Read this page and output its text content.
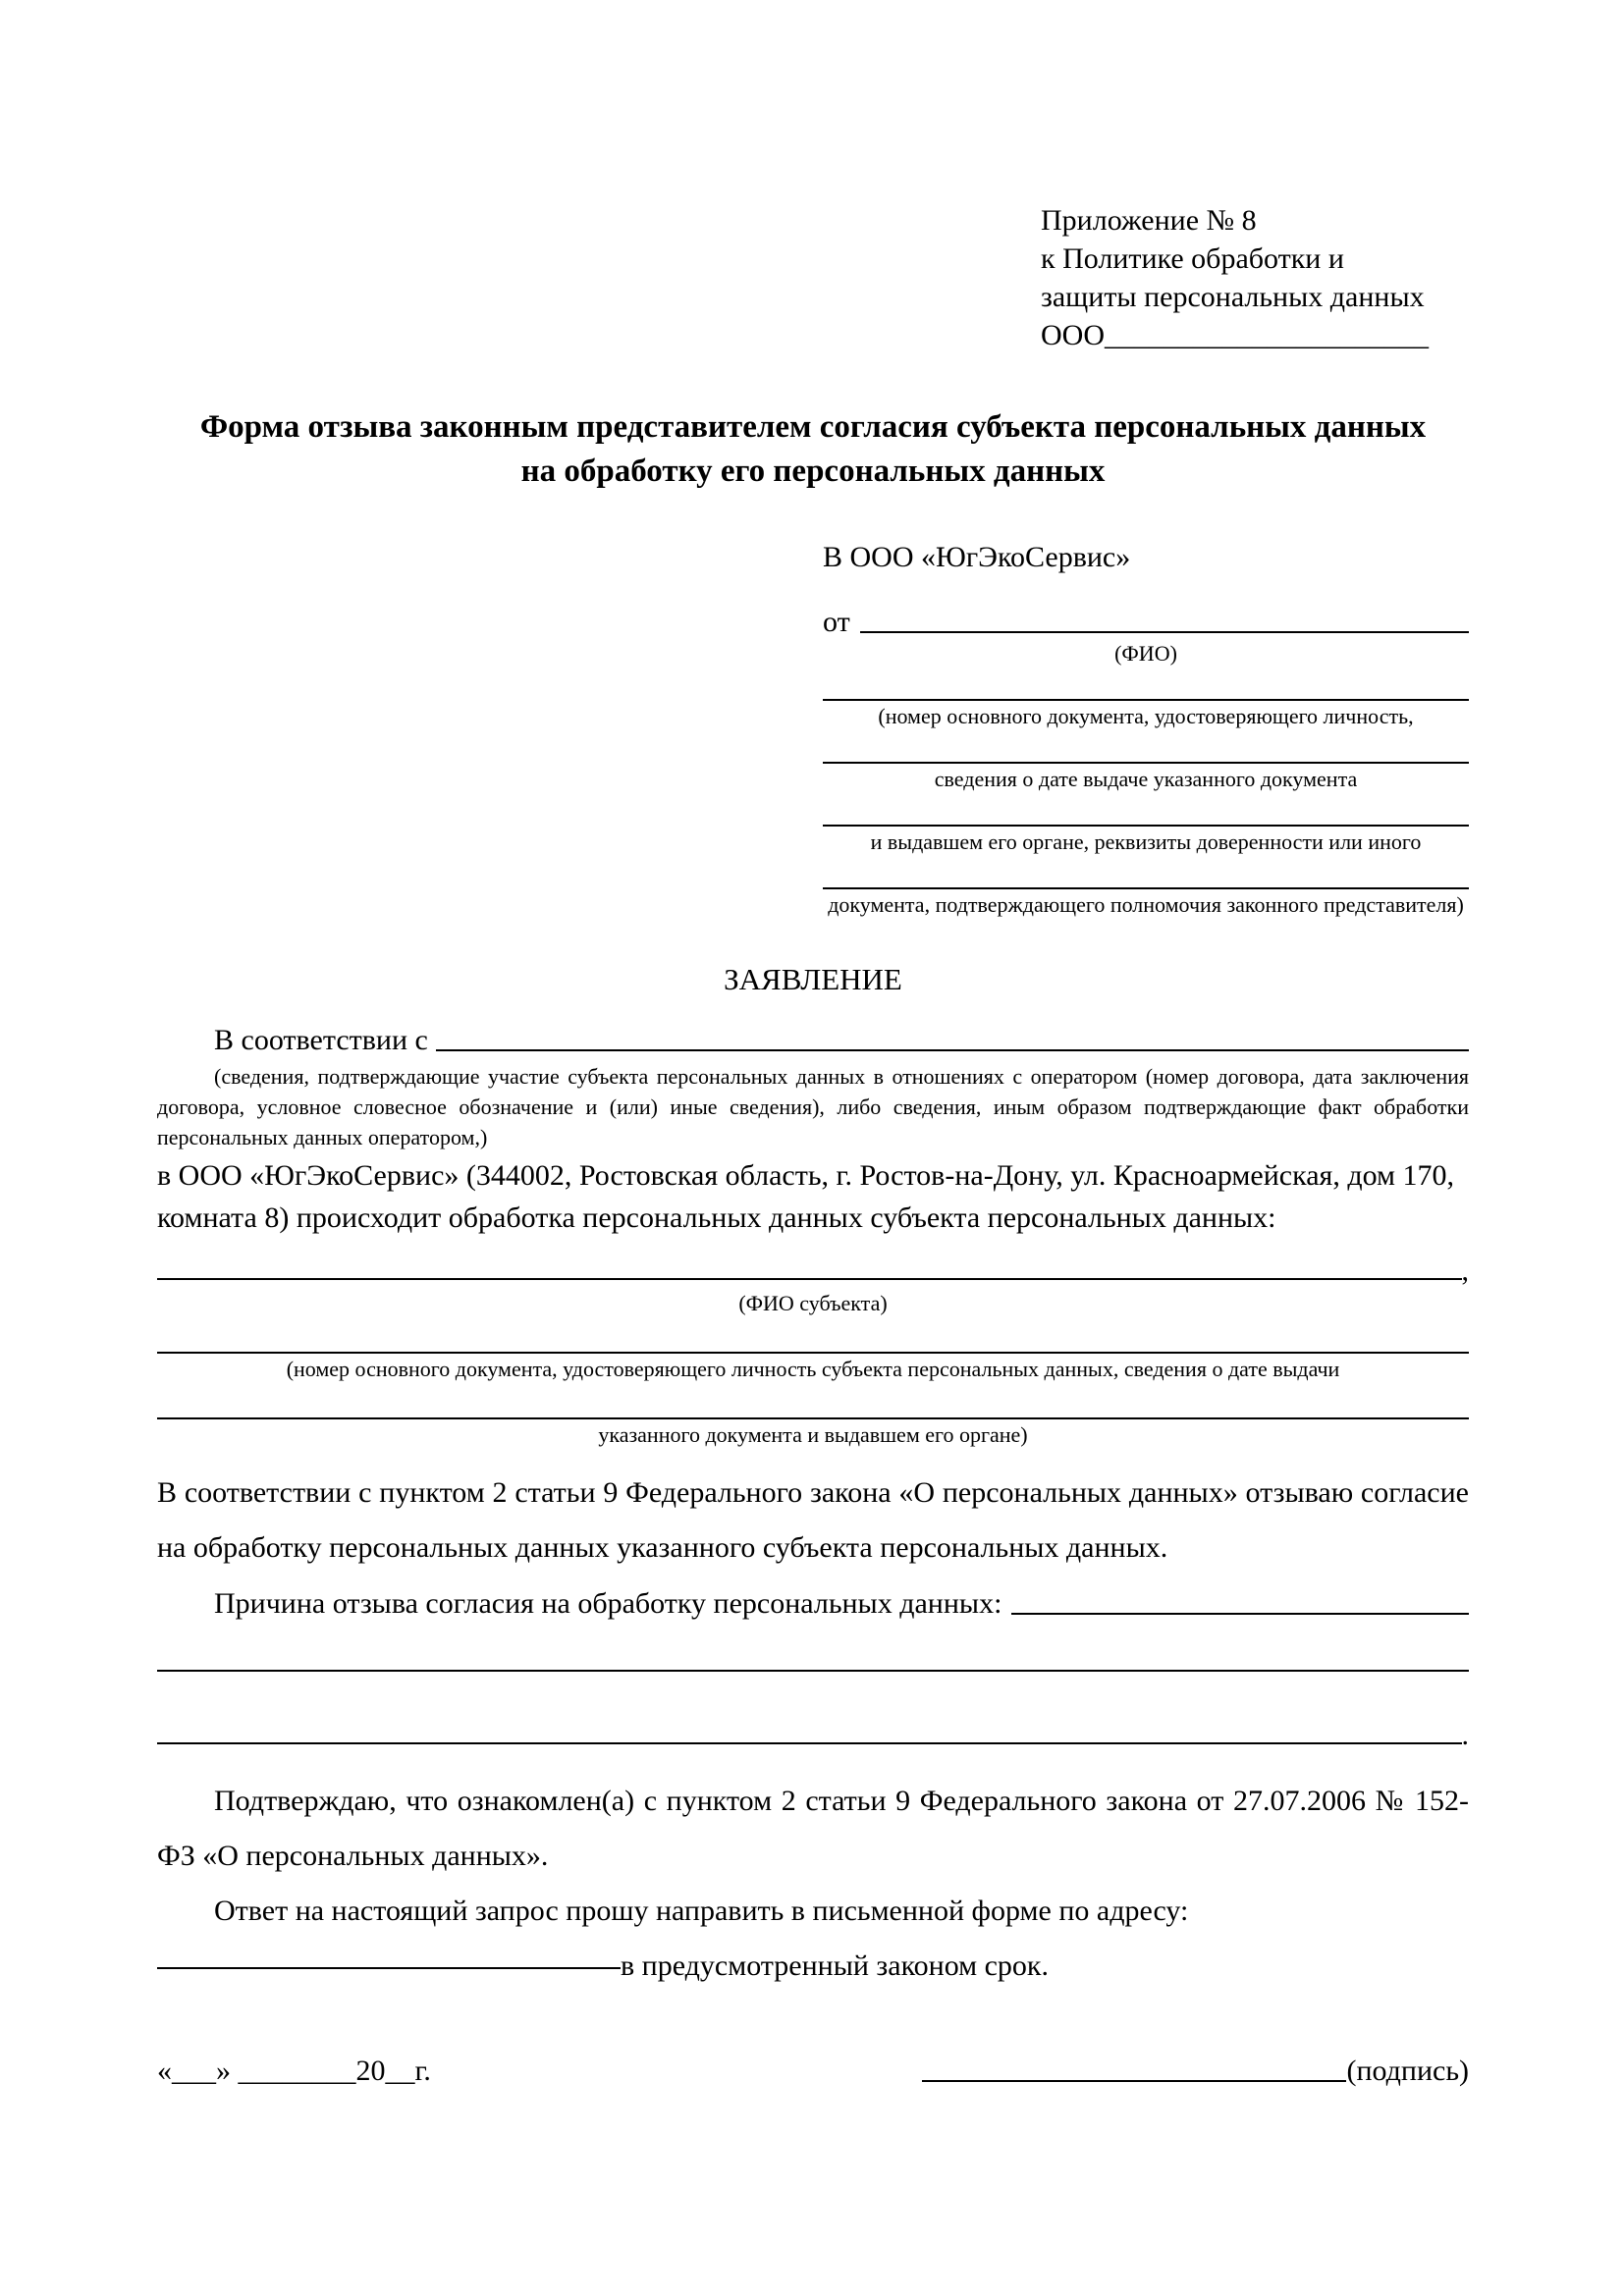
Приложение № 8
к Политике обработки и
защиты персональных данных
ООО______________________
Форма отзыва законным представителем согласия субъекта персональных данных на обработку его персональных данных
В ООО «ЮгЭкоСервис»
от
(ФИО)
(номер основного документа, удостоверяющего личность,
сведения о дате выдаче указанного документа
и выдавшем его органе, реквизиты доверенности или иного
документа, подтверждающего полномочия законного представителя)
ЗАЯВЛЕНИЕ
В соответствии с

(сведения, подтверждающие участие субъекта персональных данных в отношениях с оператором (номер договора, дата заключения договора, условное словесное обозначение и (или) иные сведения), либо сведения, иным образом подтверждающие факт обработки персональных данных оператором,)

в ООО «ЮгЭкоСервис» (344002, Ростовская область, г. Ростов-на-Дону, ул. Красноармейская, дом 170, комната 8) происходит обработка персональных данных субъекта персональных данных:

,
(ФИО субъекта)
(номер основного документа, удостоверяющего личность субъекта персональных данных, сведения о дате выдачи
указанного документа и выдавшем его органе)

В соответствии с пунктом 2 статьи 9 Федерального закона «О персональных данных» отзываю согласие на обработку персональных данных указанного субъекта персональных данных.

Причина отзыва согласия на обработку персональных данных:
.

Подтверждаю, что ознакомлен(а) с пунктом 2 статьи 9 Федерального закона от 27.07.2006 № 152-ФЗ «О персональных данных».

Ответ на настоящий запрос прошу направить в письменной форме по адресу:

в предусмотренный законом срок.
«___» ________20__г.	(подпись)
